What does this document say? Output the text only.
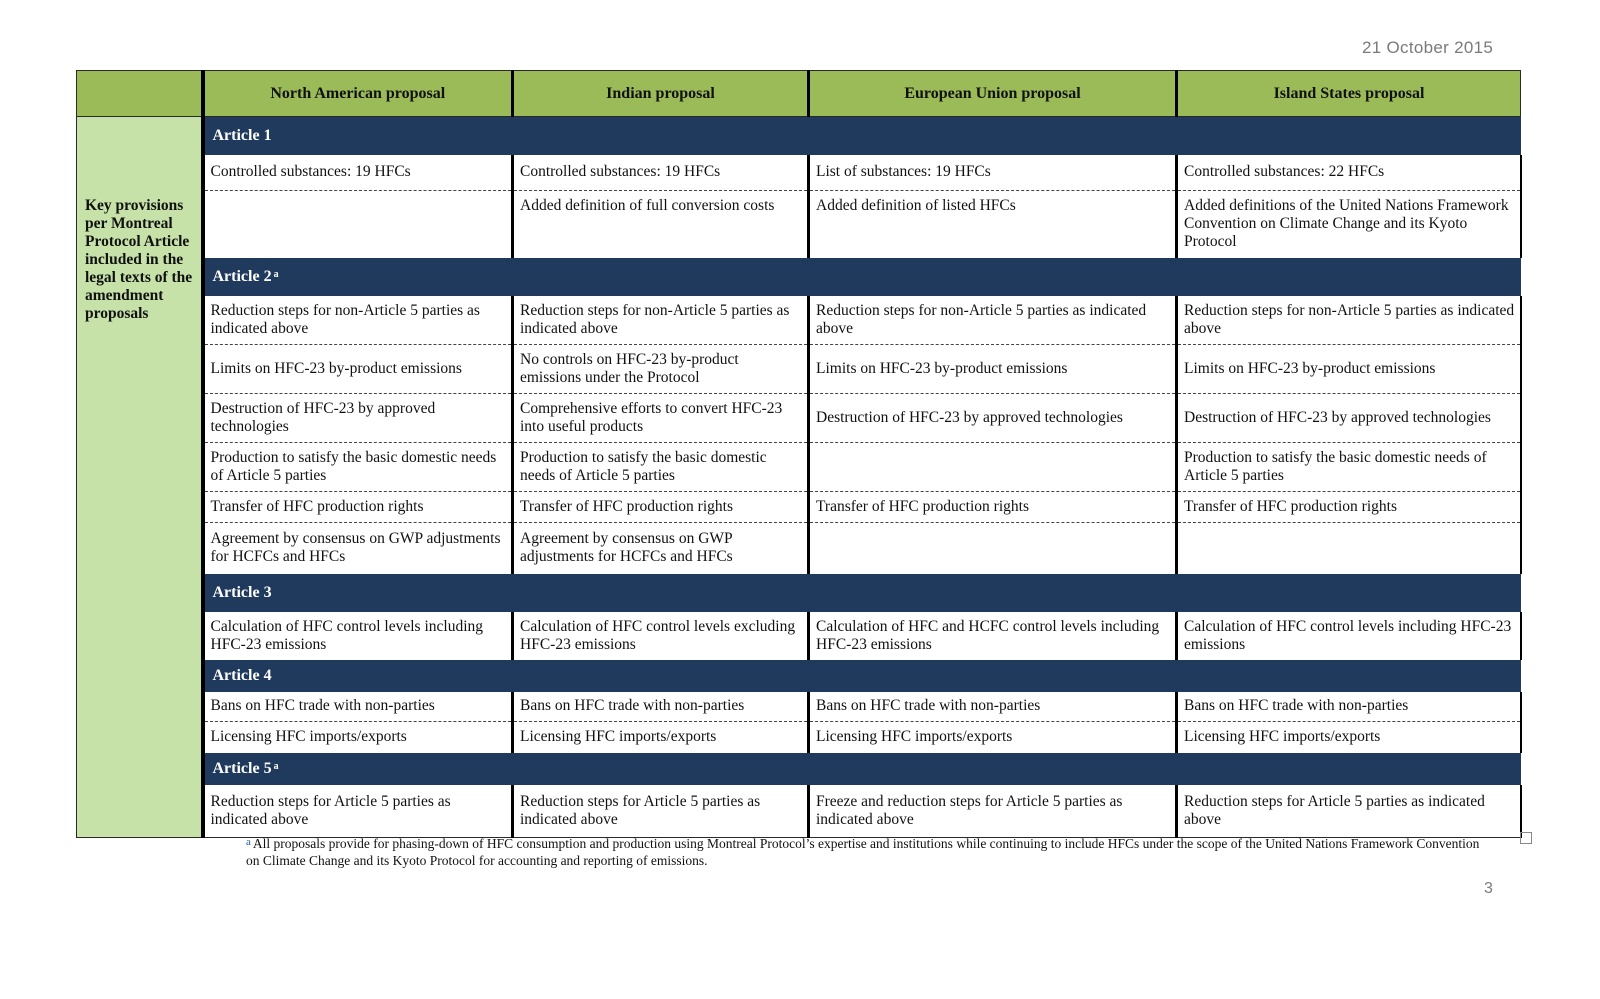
21 October 2015
	North American proposal	Indian proposal	European Union proposal	Island States proposal

Key provisions per Montreal Protocol Article included in the legal texts of the amendment proposals	Article 1			
	Controlled substances: 19 HFCs	Controlled substances: 19 HFCs	List of substances: 19 HFCs	Controlled substances: 22 HFCs
		Added definition of full conversion costs	Added definition of listed HFCs	Added definitions of the United Nations Framework Convention on Climate Change and its Kyoto Protocol
	Article 2 $^a$
	Reduction steps for non-Article 5 parties as indicated above	Reduction steps for non-Article 5 parties as indicated above	Reduction steps for non-Article 5 parties as indicated above	Reduction steps for non-Article 5 parties as indicated above
	Limits on HFC-23 by-product emissions	No controls on HFC-23 by-product emissions under the Protocol	Limits on HFC-23 by-product emissions	Limits on HFC-23 by-product emissions
	Destruction of HFC-23 by approved technologies	Comprehensive efforts to convert HFC-23 into useful products	Destruction of HFC-23 by approved technologies	Destruction of HFC-23 by approved technologies
	Production to satisfy the basic domestic needs of Article 5 parties	Production to satisfy the basic domestic needs of Article 5 parties		Production to satisfy the basic domestic needs of Article 5 parties
	Transfer of HFC production rights	Transfer of HFC production rights	Transfer of HFC production rights	Transfer of HFC production rights
	Agreement by consensus on GWP adjustments for HCFCs and HFCs	Agreement by consensus on GWP adjustments for HCFCs and HFCs		
	Article 3			
	Calculation of HFC control levels including HFC-23 emissions	Calculation of HFC control levels excluding HFC-23 emissions	Calculation of HFC and HCFC control levels including HFC-23 emissions	Calculation of HFC control levels including HFC-23 emissions
	Article 4			
	Bans on HFC trade with non-parties	Bans on HFC trade with non-parties	Bans on HFC trade with non-parties	Bans on HFC trade with non-parties
	Licensing HFC imports/exports	Licensing HFC imports/exports	Licensing HFC imports/exports	Licensing HFC imports/exports
	Article 5 $^a$
	Reduction steps for Article 5 parties as indicated above	Reduction steps for Article 5 parties as indicated above	Freeze and reduction steps for Article 5 parties as indicated above	Reduction steps for Article 5 parties as indicated above
$^a$ All proposals provide for phasing-down of HFC consumption and production using Montreal Protocol’s expertise and institutions while continuing to include HFCs under the scope of the United Nations Framework Convention on Climate Change and its Kyoto Protocol for accounting and reporting of emissions.
3
